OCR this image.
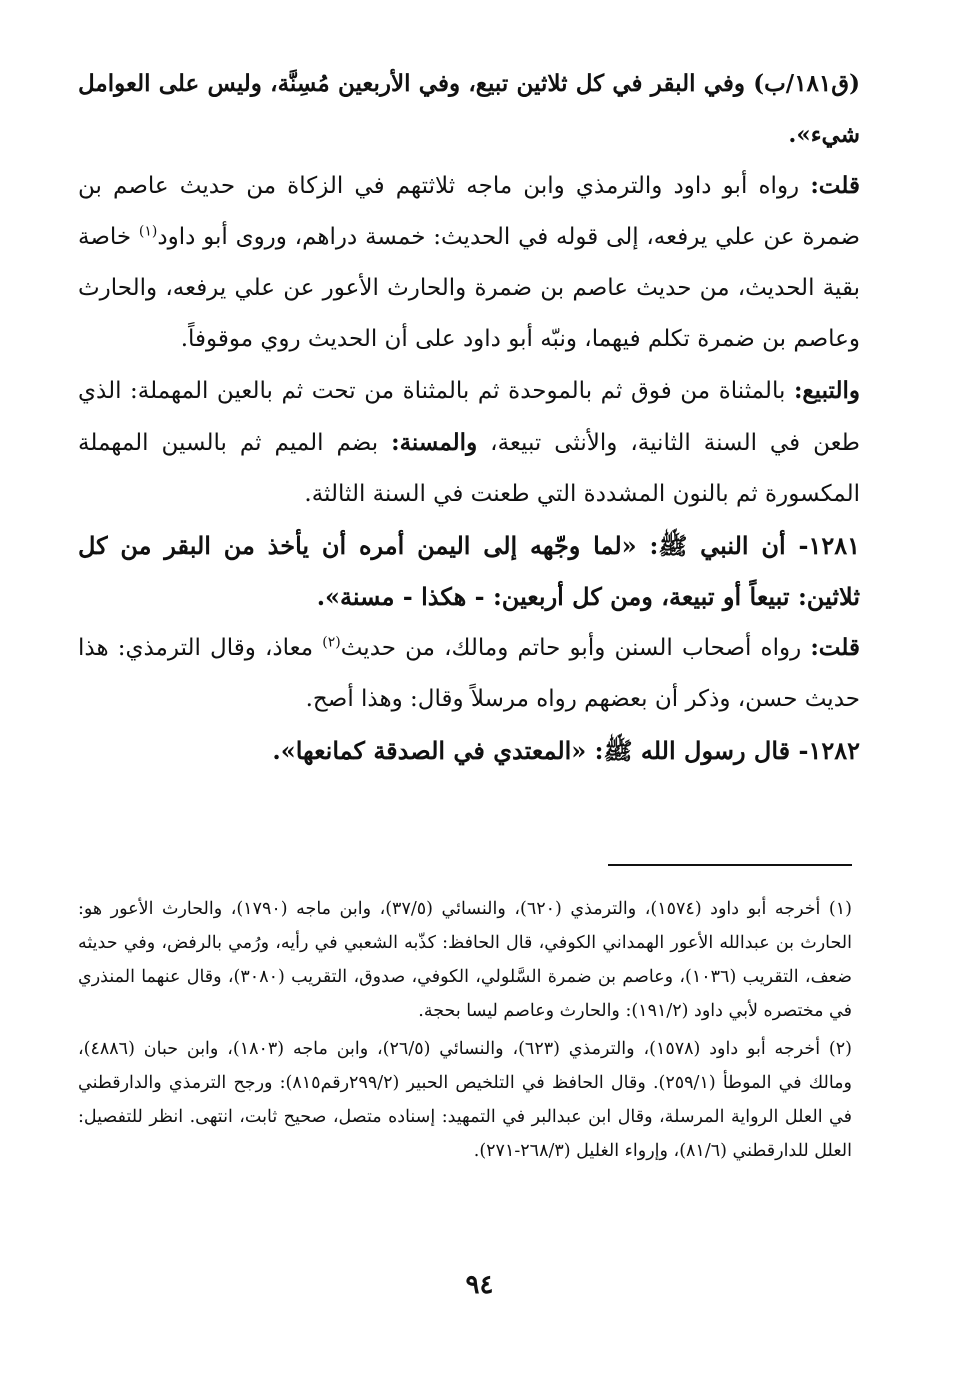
(ق١٨١/ب) وفي البقر في كل ثلاثين تبيع، وفي الأربعين مُسِنَّة، وليس على العوامل شيء».

قلت: رواه أبو داود والترمذي وابن ماجه ثلاثتهم في الزكاة من حديث عاصم بن ضمرة عن علي يرفعه، إلى قوله في الحديث: خمسة دراهم، وروى أبو داود$^{(١)}$ خاصة بقية الحديث، من حديث عاصم بن ضمرة والحارث الأعور عن علي يرفعه، والحارث وعاصم بن ضمرة تكلم فيهما، ونبّه أبو داود على أن الحديث روي موقوفاً.

والتبيع: بالمثناة من فوق ثم بالموحدة ثم بالمثناة من تحت ثم بالعين المهملة: الذي طعن في السنة الثانية، والأنثى تبيعة، والمسنة: بضم الميم ثم بالسين المهملة المكسورة ثم بالنون المشددة التي طعنت في السنة الثالثة.

١٢٨١- أن النبي ﷺ: «لما وجّهه إلى اليمن أمره أن يأخذ من البقر من كل ثلاثين: تبيعاً أو تبيعة، ومن كل أربعين: - هكذا - مسنة».

قلت: رواه أصحاب السنن وأبو حاتم ومالك، من حديث$^{(٢)}$ معاذ، وقال الترمذي: هذا حديث حسن، وذكر أن بعضهم رواه مرسلاً وقال: وهذا أصح.

١٢٨٢- قال رسول الله ﷺ: «المعتدي في الصدقة كمانعها».

(١) أخرجه أبو داود (١٥٧٤)، والترمذي (٦٢٠)، والنسائي (٣٧/٥)، وابن ماجه (١٧٩٠)، والحارث الأعور هو: الحارث بن عبدالله الأعور الهمداني الكوفي، قال الحافظ: كذّبه الشعبي في رأيه، ورُمي بالرفض، وفي حديثه ضعف، التقريب (١٠٣٦)، وعاصم بن ضمرة السَّلولي، الكوفي، صدوق، التقريب (٣٠٨٠)، وقال عنهما المنذري في مختصره لأبي داود (١٩١/٢): والحارث وعاصم ليسا بحجة.

(٢) أخرجه أبو داود (١٥٧٨)، والترمذي (٦٢٣)، والنسائي (٢٦/٥)، وابن ماجه (١٨٠٣)، وابن حبان (٤٨٨٦)، ومالك في الموطأ (٢٥٩/١). وقال الحافظ في التلخيص الحبير (٢٩٩/٢رقم٨١٥): ورجح الترمذي والدارقطني في العلل الرواية المرسلة، وقال ابن عبدالبر في التمهيد: إسناده متصل، صحيح ثابت، انتهى. انظر للتفصيل: العلل للدارقطني (٨١/٦)، وإرواء الغليل (٢٦٨/٣-٢٧١).

٩٤
